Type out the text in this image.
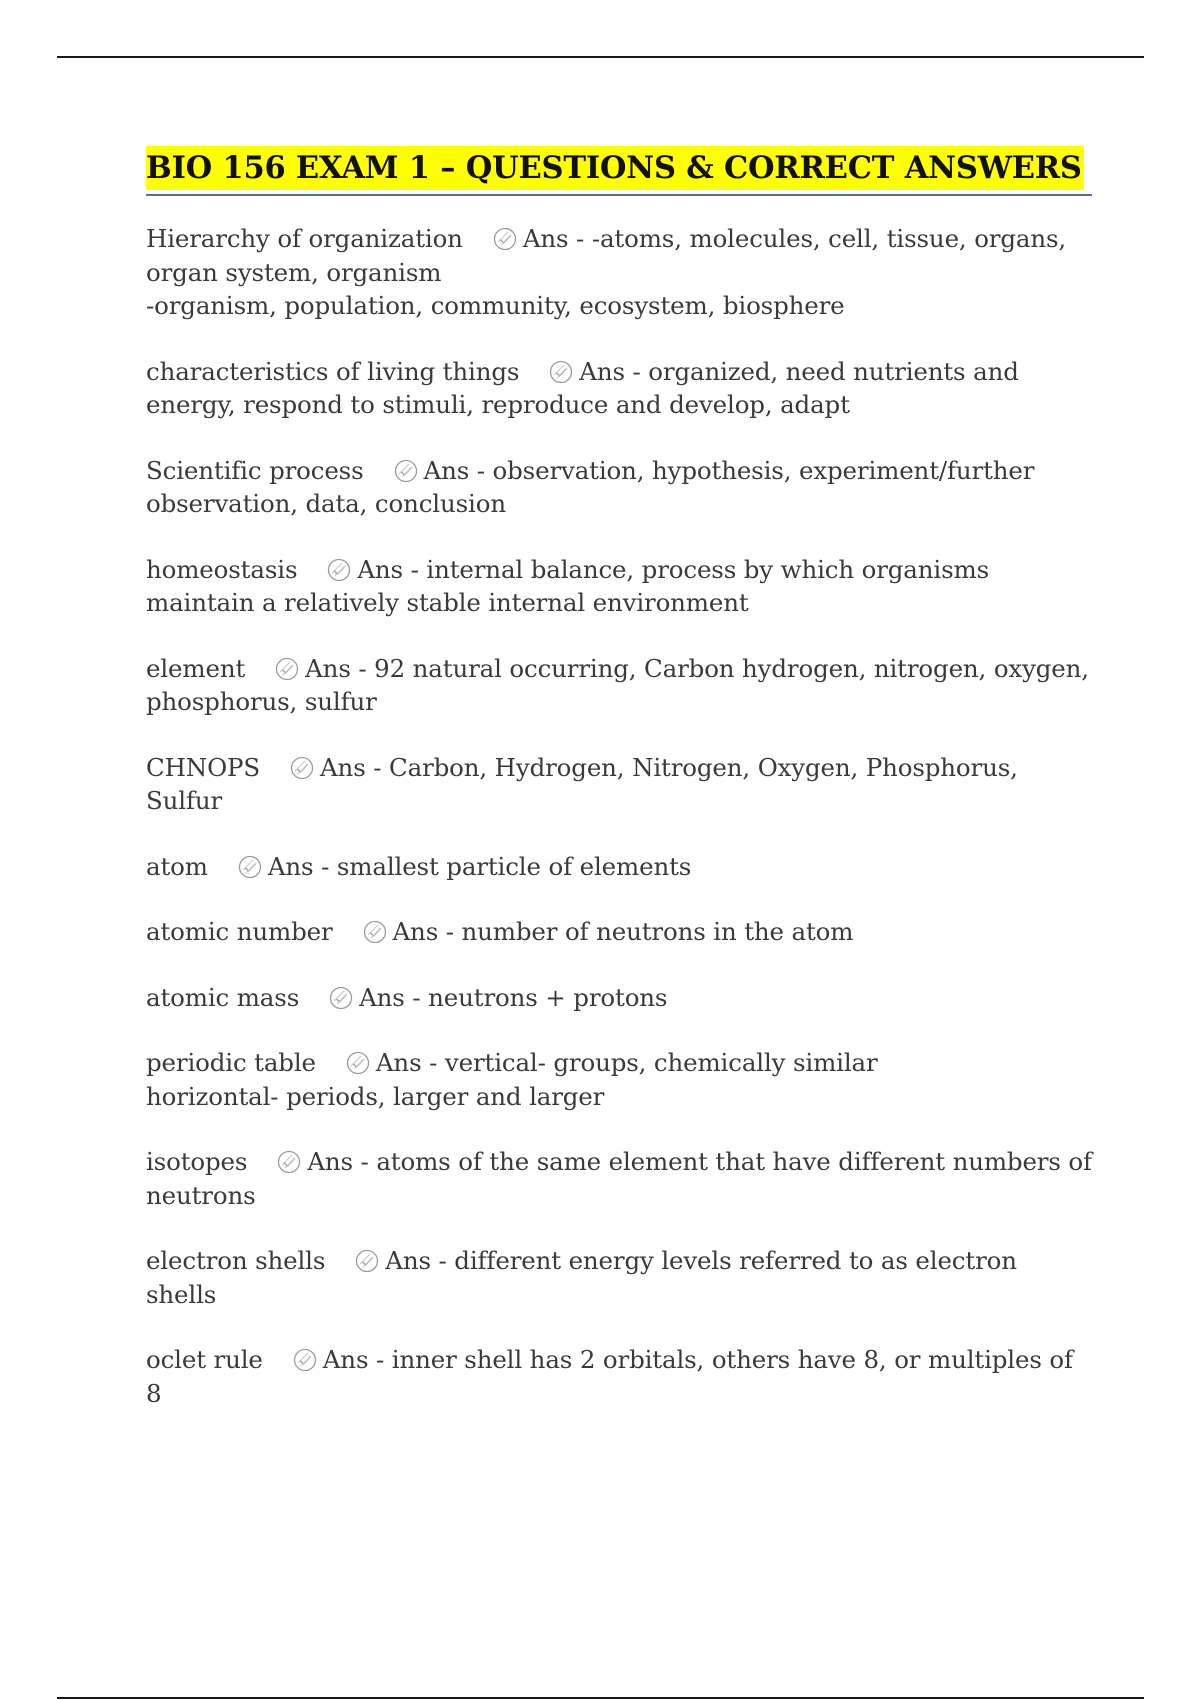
BIO 156 EXAM 1 – QUESTIONS & CORRECT ANSWERS
Hierarchy of organization Ans - -atoms, molecules, cell, tissue, organs, organ system, organism
-organism, population, community, ecosystem, biosphere
characteristics of living things Ans - organized, need nutrients and energy, respond to stimuli, reproduce and develop, adapt
Scientific process Ans - observation, hypothesis, experiment/further observation, data, conclusion
homeostasis Ans - internal balance, process by which organisms maintain a relatively stable internal environment
element Ans - 92 natural occurring, Carbon hydrogen, nitrogen, oxygen, phosphorus, sulfur
CHNOPS Ans - Carbon, Hydrogen, Nitrogen, Oxygen, Phosphorus, Sulfur
atom Ans - smallest particle of elements
atomic number Ans - number of neutrons in the atom
atomic mass Ans - neutrons + protons
periodic table Ans - vertical- groups, chemically similar
horizontal- periods, larger and larger
isotopes Ans - atoms of the same element that have different numbers of neutrons
electron shells Ans - different energy levels referred to as electron shells
oclet rule Ans - inner shell has 2 orbitals, others have 8, or multiples of 8
